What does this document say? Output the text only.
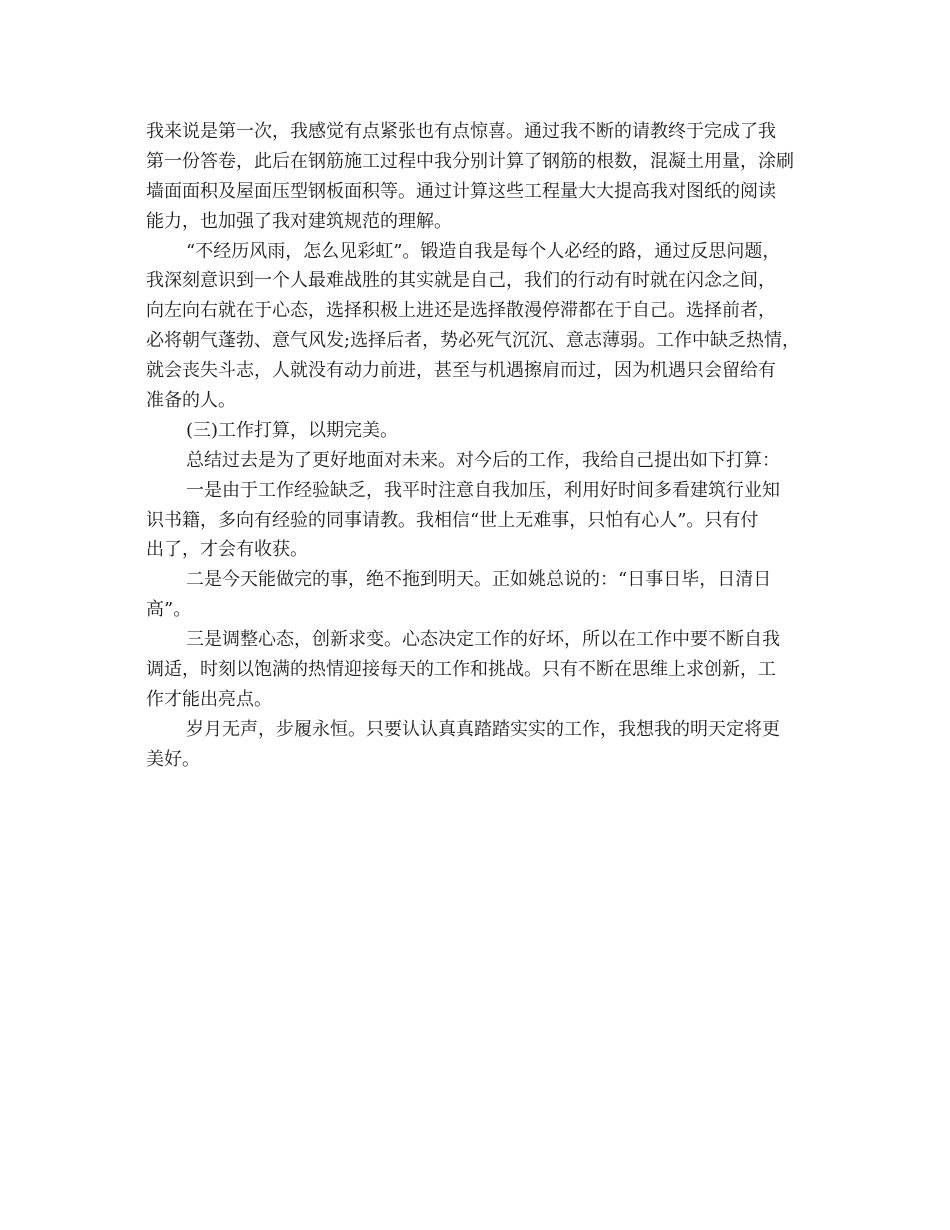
我来说是第一次，我感觉有点紧张也有点惊喜。通过我不断的请教终于完成了我
第一份答卷，此后在钢筋施工过程中我分别计算了钢筋的根数，混凝土用量，涂刷
墙面面积及屋面压型钢板面积等。通过计算这些工程量大大提高我对图纸的阅读
能力，也加强了我对建筑规范的理解。
“不经历风雨，怎么见彩虹”。锻造自我是每个人必经的路，通过反思问题，
我深刻意识到一个人最难战胜的其实就是自己，我们的行动有时就在闪念之间，
向左向右就在于心态，选择积极上进还是选择散漫停滞都在于自己。选择前者，
必将朝气蓬勃、意气风发;选择后者，势必死气沉沉、意志薄弱。工作中缺乏热情，
就会丧失斗志，人就没有动力前进，甚至与机遇擦肩而过，因为机遇只会留给有
准备的人。
(三)工作打算，以期完美。
总结过去是为了更好地面对未来。对今后的工作，我给自己提出如下打算：
一是由于工作经验缺乏，我平时注意自我加压，利用好时间多看建筑行业知
识书籍，多向有经验的同事请教。我相信“世上无难事，只怕有心人”。只有付
出了，才会有收获。
二是今天能做完的事，绝不拖到明天。正如姚总说的：“日事日毕，日清日
高”。
三是调整心态，创新求变。心态决定工作的好坏，所以在工作中要不断自我
调适，时刻以饱满的热情迎接每天的工作和挑战。只有不断在思维上求创新，工
作才能出亮点。
岁月无声，步履永恒。只要认认真真踏踏实实的工作，我想我的明天定将更
美好。
